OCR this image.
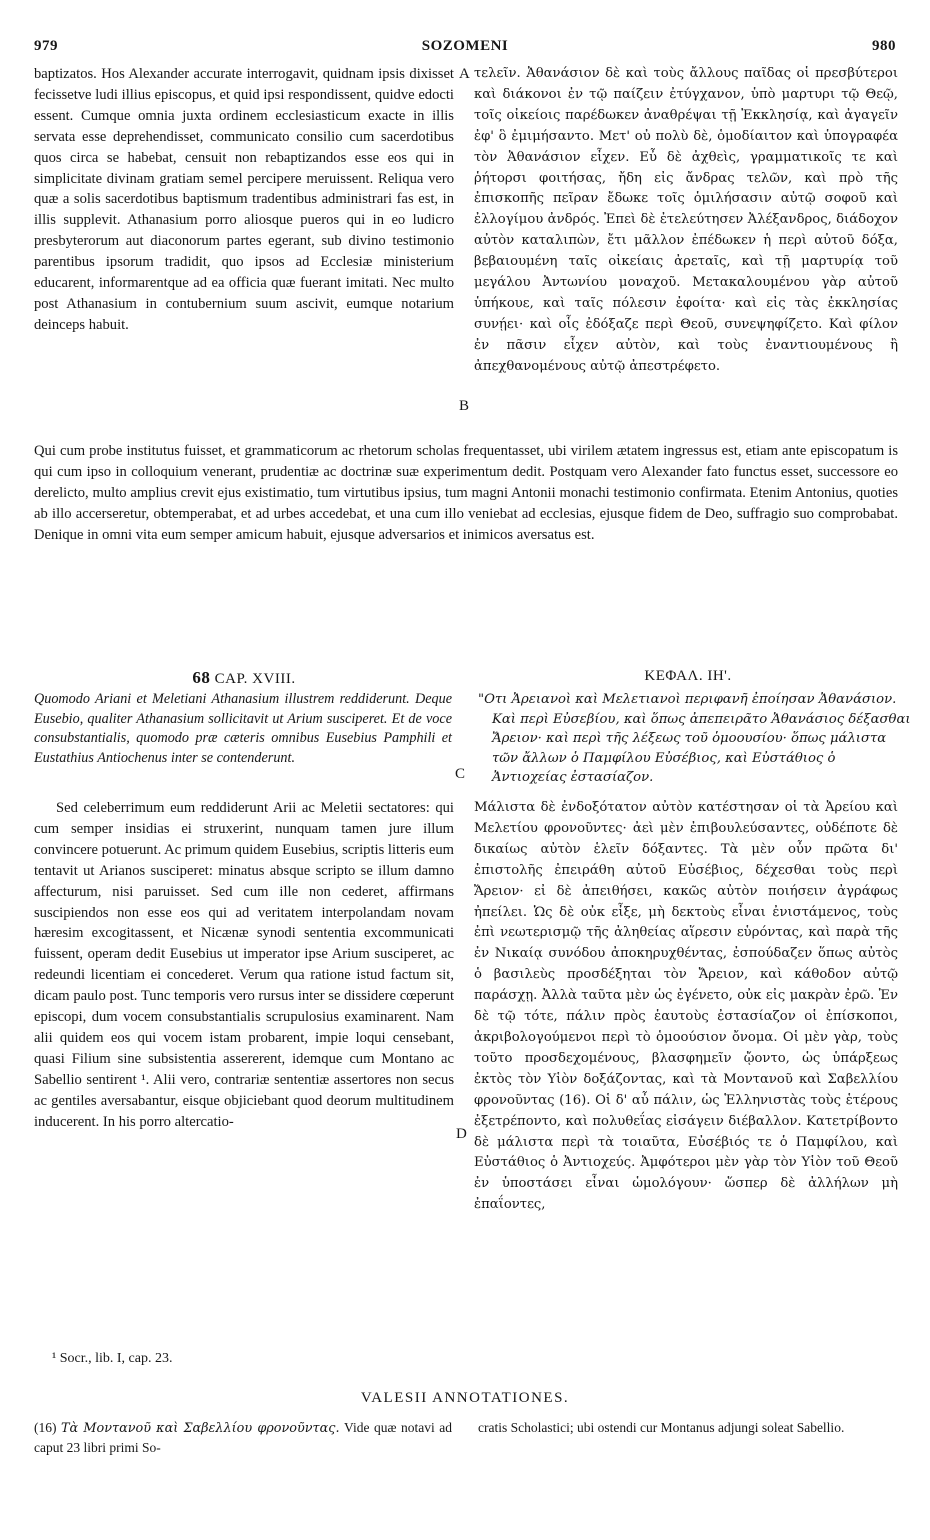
979	SOZOMENI	980
baptizatos. Hos Alexander accurate interrogavit, quidnam ipsis dixisset fecissetve ludi illius episcopus, et quid ipsi respondissent, quidve edocti essent. Cumque omnia juxta ordinem ecclesiasticum exacte in illis servata esse deprehendisset, communicato consilio cum sacerdotibus quos circa se habebat, censuit non rebaptizandos esse eos qui in simplicitate divinam gratiam semel percipere meruissent. Reliqua vero quæ a solis sacerdotibus baptismum tradentibus administrari fas est, in illis supplevit. Athanasium porro aliosque pueros qui in eo ludicro presbyterorum aut diaconorum partes egerant, sub divino testimonio parentibus ipsorum tradidit, quo ipsos ad Ecclesiæ ministerium educarent, informarentque ad ea officia quæ fuerant imitati. Nec multo post Athanasium in contubernium suum ascivit, eumque notarium deinceps habuit.
τελεῖν. Ἀθανάσιον δὲ καὶ τοὺς ἄλλους παῖδας οἱ πρεσβύτεροι καὶ διάκονοι ἐν τῷ παίζειν ἐτύγχανον, ὑπὸ μαρτυρι τῷ Θεῷ, τοῖς οἰκείοις παρέδωκεν ἀναθρέψαι τῇ Ἐκκλησίᾳ, καὶ ἀγαγεῖν ἐφ' ὃ ἐμιμήσαντο. Μετ' οὐ πολὺ δὲ, ὁμοδίαιτον καὶ ὑπογραφέα τὸν Ἀθανάσιον εἶχεν. Εὖ δὲ ἀχθεὶς, γραμματικοῖς τε καὶ ῥήτορσι φοιτήσας, ἤδη εἰς ἄνδρας τελῶν, καὶ πρὸ τῆς ἐπισκοπῆς πεῖραν ἔδωκε τοῖς ὁμιλήσασιν αὐτῷ σοφοῦ καὶ ἐλλογίμου ἀνδρός. Ἐπεὶ δὲ ἐτελεύτησεν Ἀλέξανδρος, διάδοχον αὐτὸν καταλιπὼν, ἔτι μᾶλλον ἐπέδωκεν ἡ περὶ αὐτοῦ δόξα, βεβαιουμένη ταῖς οἰκείαις ἀρεταῖς, καὶ τῇ μαρτυρίᾳ τοῦ μεγάλου Ἀντωνίου μοναχοῦ. Μετακαλουμένου γὰρ αὐτοῦ ὑπήκουε, καὶ ταῖς πόλεσιν ἐφοίτα· καὶ εἰς τὰς ἐκκλησίας συνῄει· καὶ οἷς ἐδόξαζε περὶ Θεοῦ, συνεψηφίζετο. Καὶ φίλον ἐν πᾶσιν εἶχεν αὐτὸν, καὶ τοὺς ἐναντιουμένους ἢ ἀπεχθανομένους αὐτῷ ἀπεστρέφετο.
A
B
Qui cum probe institutus fuisset, et grammaticorum ac rhetorum scholas frequentasset, ubi virilem ætatem ingressus est, etiam ante episcopatum is qui cum ipso in colloquium venerant, prudentiæ ac doctrinæ suæ experimentum dedit. Postquam vero Alexander fato functus esset, successore eo derelicto, multo amplius crevit ejus existimatio, tum virtutibus ipsius, tum magni Antonii monachi testimonio confirmata. Etenim Antonius, quoties ab illo accerseretur, obtemperabat, et ad urbes accedebat, et una cum illo veniebat ad ecclesias, ejusque fidem de Deo, suffragio suo comprobabat. Denique in omni vita eum semper amicum habuit, ejusque adversarios et inimicos aversatus est.
68 CAP. XVIII.	ΚΕΦΑΛ. ΙΗ'.
Quomodo Ariani et Meletiani Athanasium illustrem reddiderunt. Deque Eusebio, qualiter Athanasium sollicitavit ut Arium susciperet. Et de voce consubstantialis, quomodo præ cæteris omnibus Eusebius Pamphili et Eustathius Antiochenus inter se contenderunt.
"Οτι Ἀρειανοὶ καὶ Μελετιανοὶ περιφανῆ ἐποίησαν Ἀθανάσιον. Καὶ περὶ Εὐσεβίου, καὶ ὅπως ἀπεπειρᾶτο Ἀθανάσιος δέξασθαι Ἄρειον· καὶ περὶ τῆς λέξεως τοῦ ὁμοουσίου· ὅπως μάλιστα τῶν ἄλλων ὁ Παμφίλου Εὐσέβιος, καὶ Εὐστάθιος ὁ Ἀντιοχείας ἐστασίαζον.
C
Sed celeberrimum eum reddiderunt Arii ac Meletii sectatores: qui cum semper insidias ei struxerint, nunquam tamen jure illum convincere potuerunt. Ac primum quidem Eusebius, scriptis litteris eum tentavit ut Arianos susciperet: minatus absque scripto se illum damno affecturum, nisi paruisset. Sed cum ille non cederet, affirmans suscipiendos non esse eos qui ad veritatem interpolandam novam hæresim excogitassent, et Nicænæ synodi sententia excommunicati fuissent, operam dedit Eusebius ut imperator ipse Arium susciperet, ac redeundi licentiam ei concederet. Verum qua ratione istud factum sit, dicam paulo post. Tunc temporis vero rursus inter se dissidere cœperunt episcopi, dum vocem consubstantialis scrupulosius examinarent. Nam alii quidem eos qui vocem istam probarent, impie loqui censebant, quasi Filium sine subsistentia assererent, idemque cum Montano ac Sabellio sentirent ¹. Alii vero, contrariæ sententiæ assertores non secus ac gentiles aversabantur, eisque objiciebant quod deorum multitudinem inducerent. In his porro altercatio-
Μάλιστα δὲ ἐνδοξότατον αὐτὸν κατέστησαν οἱ τὰ Ἀρείου καὶ Μελετίου φρονοῦντες· ἀεὶ μὲν ἐπιβουλεύσαντες, οὐδέποτε δὲ δικαίως αὐτὸν ἑλεῖν δόξαντες. Τὰ μὲν οὖν πρῶτα δι' ἐπιστολῆς ἐπειράθη αὐτοῦ Εὐσέβιος, δέχεσθαι τοὺς περὶ Ἄρειον· εἰ δὲ ἀπειθήσει, κακῶς αὐτὸν ποιήσειν ἀγράφως ἠπείλει. Ὡς δὲ οὐκ εἶξε, μὴ δεκτοὺς εἶναι ἐνιστάμενος, τοὺς ἐπὶ νεωτερισμῷ τῆς ἀληθείας αἵρεσιν εὑρόντας, καὶ παρὰ τῆς ἐν Νικαίᾳ συνόδου ἀποκηρυχθέντας, ἐσπούδαζεν ὅπως αὐτὸς ὁ βασιλεὺς προσδέξηται τὸν Ἄρειον, καὶ κάθοδον αὐτῷ παράσχῃ. Ἀλλὰ ταῦτα μὲν ὡς ἐγένετο, οὐκ εἰς μακρὰν ἐρῶ. Ἐν δὲ τῷ τότε, πάλιν πρὸς ἑαυτοὺς ἐστασίαζον οἱ ἐπίσκοποι, ἀκριβολογούμενοι περὶ τὸ ὁμοούσιον ὄνομα. Οἱ μὲν γὰρ, τοὺς τοῦτο προσδεχομένους, βλασφημεῖν ᾤοντο, ὡς ὑπάρξεως ἐκτὸς τὸν Υἱὸν δοξάζοντας, καὶ τὰ Μοντανοῦ καὶ Σαβελλίου φρονοῦντας (16). Οἱ δ' αὖ πάλιν, ὡς Ἑλληνιστὰς τοὺς ἑτέρους ἐξετρέποντο, καὶ πολυθεΐας εἰσάγειν διέβαλλον. Κατετρίβοντο δὲ μάλιστα περὶ τὰ τοιαῦτα, Εὐσέβιός τε ὁ Παμφίλου, καὶ Εὐστάθιος ὁ Ἀντιοχεύς. Ἀμφότεροι μὲν γὰρ τὸν Υἱὸν τοῦ Θεοῦ ἐν ὑποστάσει εἶναι ὡμολόγουν· ὥσπερ δὲ ἀλλήλων μὴ ἐπαΐοντες,
D
¹ Socr., lib. I, cap. 23.
VALESII ANNOTATIONES.
(16) Τὰ Μοντανοῦ καὶ Σαβελλίου φρονοῦντας. Vide quæ notavi ad caput 23 libri primi So-
cratis Scholastici; ubi ostendi cur Montanus adjungi soleat Sabellio.
